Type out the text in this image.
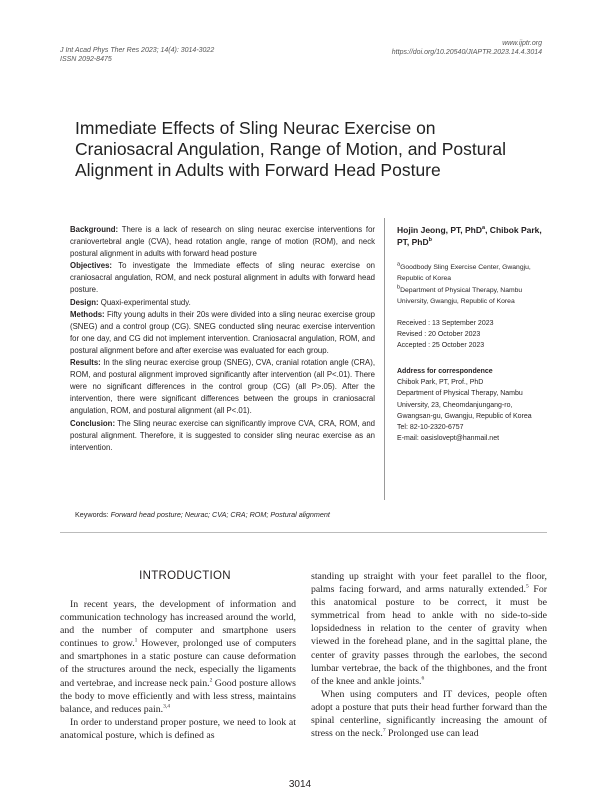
J Int Acad Phys Ther Res 2023; 14(4): 3014-3022
ISSN 2092-8475
www.ijptr.org
https://doi.org/10.20540/JIAPTR.2023.14.4.3014
Immediate Effects of Sling Neurac Exercise on Craniosacral Angulation, Range of Motion, and Postural Alignment in Adults with Forward Head Posture
Background: There is a lack of research on sling neurac exercise interventions for craniovertebral angle (CVA), head rotation angle, range of motion (ROM), and neck postural alignment in adults with forward head posture
Objectives: To investigate the Immediate effects of sling neurac exercise on craniosacral angulation, ROM, and neck postural alignment in adults with forward head posture.
Design: Quaxi-experimental study.
Methods: Fifty young adults in their 20s were divided into a sling neurac exercise group (SNEG) and a control group (CG). SNEG conducted sling neurac exercise intervention for one day, and CG did not implement intervention. Craniosacral angulation, ROM, and postural alignment before and after exercise was evaluated for each group.
Results: In the sling neurac exercise group (SNEG), CVA, cranial rotation angle (CRA), ROM, and postural alignment improved significantly after intervention (all P<.01). There were no significant differences in the control group (CG) (all P>.05). After the intervention, there were significant differences between the groups in craniosacral angulation, ROM, and postural alignment (all P<.01).
Conclusion: The Sling neurac exercise can significantly improve CVA, CRA, ROM, and postural alignment. Therefore, it is suggested to consider sling neurac exercise as an intervention.
Hojin Jeong, PT, PhD$^a$, Chibok Park, PT, PhD$^b$
$^a$Goodbody Sling Exercise Center, Gwangju, Republic of Korea
$^b$Department of Physical Therapy, Nambu University, Gwangju, Republic of Korea
Received : 13 September 2023
Revised : 20 October 2023
Accepted : 25 October 2023
Address for correspondence
Chibok Park, PT, Prof., PhD
Department of Physical Therapy, Nambu University, 23, Cheomdanjungang-ro, Gwangsan-gu, Gwangju, Republic of Korea
Tel: 82-10-2320-6757
E-mail: oasislovept@hanmail.net
Keywords: Forward head posture; Neurac; CVA; CRA; ROM; Postural alignment
INTRODUCTION

In recent years, the development of information and communication technology has increased around the world, and the number of computer and smartphone users continues to grow.$^1$ However, prolonged use of computers and smartphones in a static posture can cause deformation of the structures around the neck, especially the ligaments and vertebrae, and increase neck pain.$^2$ Good posture allows the body to move efficiently and with less stress, maintains balance, and reduces pain.$^{3,4}$

In order to understand proper posture, we need to look at anatomical posture, which is defined as

standing up straight with your feet parallel to the floor, palms facing forward, and arms naturally extended.$^5$ For this anatomical posture to be correct, it must be symmetrical from head to ankle with no side-to-side lopsidedness in relation to the center of gravity when viewed in the forehead plane, and in the sagittal plane, the center of gravity passes through the earlobes, the second lumbar vertebrae, the back of the thighbones, and the front of the knee and ankle joints.$^6$

When using computers and IT devices, people often adopt a posture that puts their head further forward than the spinal centerline, significantly increasing the amount of stress on the neck.$^7$ Prolonged use can lead

3014
